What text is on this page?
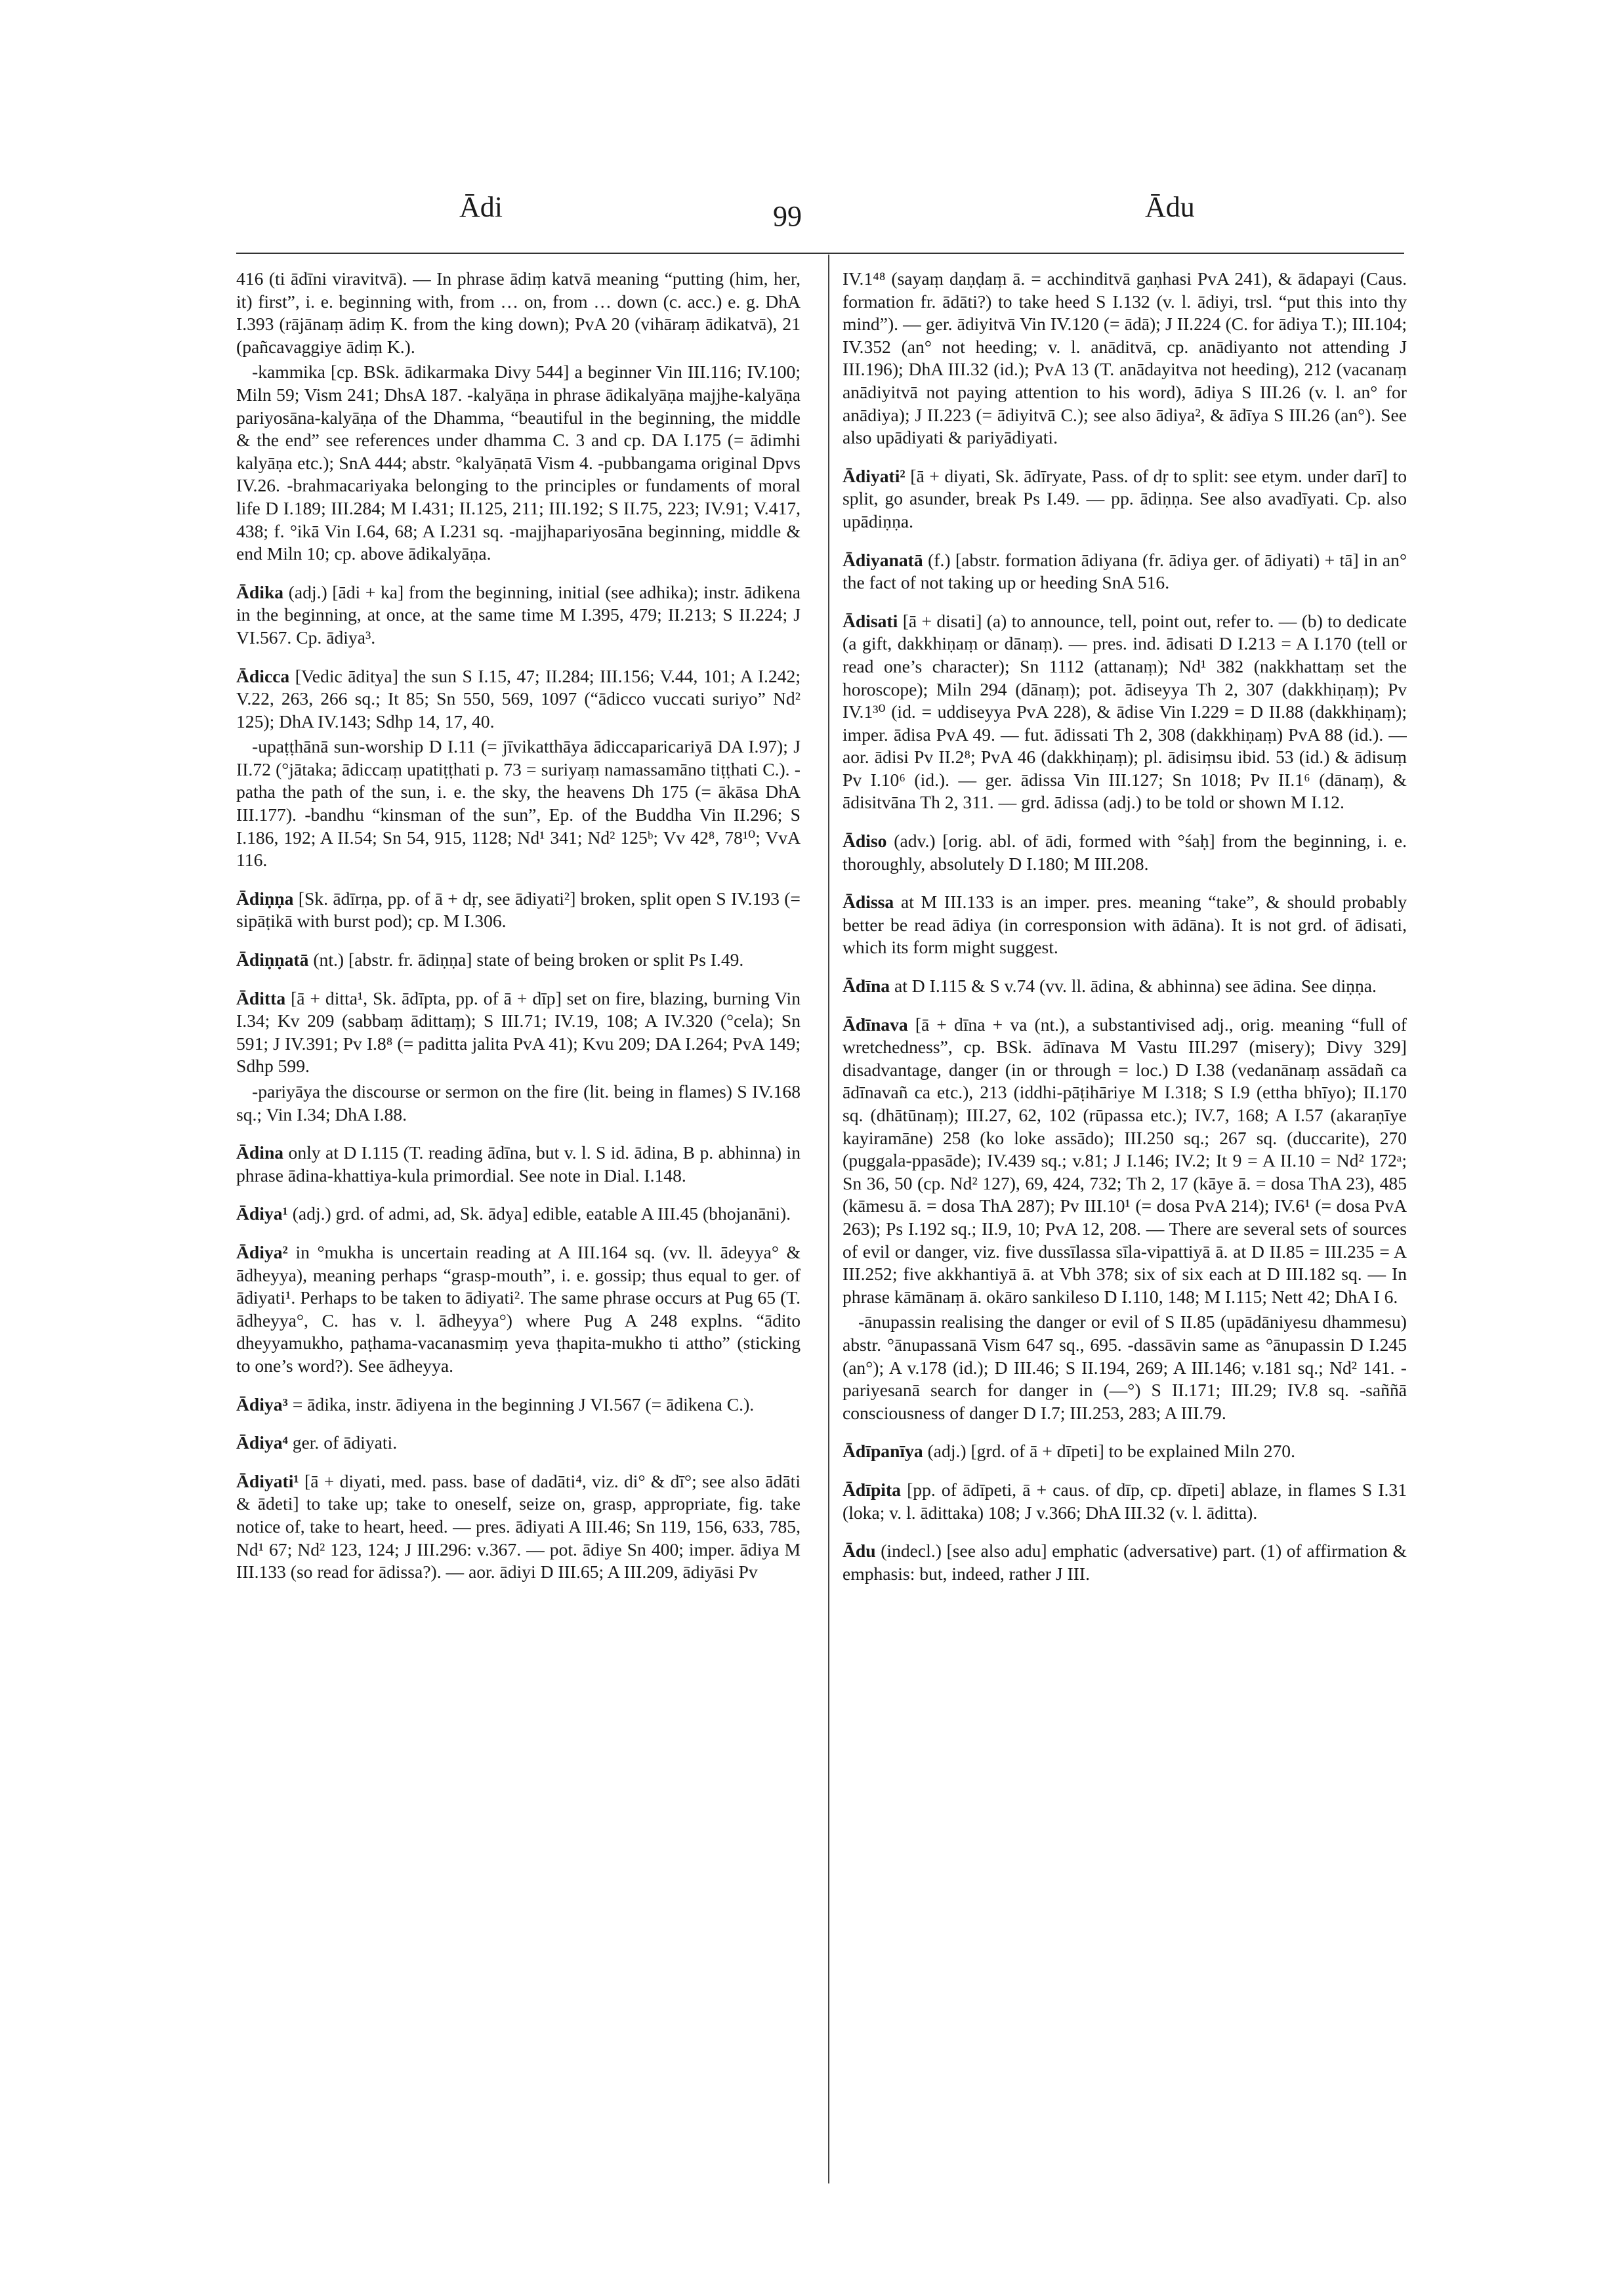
Ādi	99	Ādu

416 (ti ādīni viravitvā). — In phrase ādiṃ katvā meaning “putting (him, her, it) first”, i. e. beginning with, from … on, from … down (c. acc.) e. g. DhA I.393 (rājānaṃ ādiṃ K. from the king down); PvA 20 (vihāraṃ ādikatvā), 21 (pañcavaggiye ādiṃ K.).

-kammika [cp. BSk. ādikarmaka Divy 544] a beginner Vin III.116; IV.100; Miln 59; Vism 241; DhsA 187. -kalyāṇa in phrase ādikalyāṇa majjhe-kalyāṇa pariyosāna-kalyāṇa of the Dhamma, “beautiful in the beginning, the middle & the end” see references under dhamma C. 3 and cp. DA I.175 (= ādimhi kalyāṇa etc.); SnA 444; abstr. °kalyāṇatā Vism 4. -pubbangama original Dpvs IV.26. -brahmacariyaka belonging to the principles or fundaments of moral life D I.189; III.284; M I.431; II.125, 211; III.192; S II.75, 223; IV.91; V.417, 438; f. °ikā Vin I.64, 68; A I.231 sq. -majjhapariyosāna beginning, middle & end Miln 10; cp. above ādikalyāṇa.

Ādika (adj.) [ādi + ka] from the beginning, initial (see adhika); instr. ādikena in the beginning, at once, at the same time M I.395, 479; II.213; S II.224; J VI.567. Cp. ādiya³.

Ādicca [Vedic āditya] the sun S I.15, 47; II.284; III.156; V.44, 101; A I.242; V.22, 263, 266 sq.; It 85; Sn 550, 569, 1097 (“ādicco vuccati suriyo” Nd² 125); DhA IV.143; Sdhp 14, 17, 40.

-upaṭṭhānā sun-worship D I.11 (= jīvikatthāya ādiccaparicariyā DA I.97); J II.72 (°jātaka; ādiccaṃ upatiṭṭhati p. 73 = suriyaṃ namassamāno tiṭṭhati C.). -patha the path of the sun, i. e. the sky, the heavens Dh 175 (= ākāsa DhA III.177). -bandhu “kinsman of the sun”, Ep. of the Buddha Vin II.296; S I.186, 192; A II.54; Sn 54, 915, 1128; Nd¹ 341; Nd² 125ᵇ; Vv 42⁸, 78¹⁰; VvA 116.

Ādiṇṇa [Sk. ādīrṇa, pp. of ā + dṛ, see ādiyati²] broken, split open S IV.193 (= sipāṭikā with burst pod); cp. M I.306.

Ādiṇṇatā (nt.) [abstr. fr. ādiṇṇa] state of being broken or split Ps I.49.

Āditta [ā + ditta¹, Sk. ādīpta, pp. of ā + dīp] set on fire, blazing, burning Vin I.34; Kv 209 (sabbaṃ ādittaṃ); S III.71; IV.19, 108; A IV.320 (°cela); Sn 591; J IV.391; Pv I.8⁸ (= paditta jalita PvA 41); Kvu 209; DA I.264; PvA 149; Sdhp 599.

-pariyāya the discourse or sermon on the fire (lit. being in flames) S IV.168 sq.; Vin I.34; DhA I.88.

Ādina only at D I.115 (T. reading ādīna, but v. l. S id. ādina, B p. abhinna) in phrase ādina-khattiya-kula primordial. See note in Dial. I.148.

Ādiya¹ (adj.) grd. of admi, ad, Sk. ādya] edible, eatable A III.45 (bhojanāni).

Ādiya² in °mukha is uncertain reading at A III.164 sq. (vv. ll. ādeyya° & ādheyya), meaning perhaps “grasp-mouth”, i. e. gossip; thus equal to ger. of ādiyati¹. Perhaps to be taken to ādiyati². The same phrase occurs at Pug 65 (T. ādheyya°, C. has v. l. ādheyya°) where Pug A 248 explns. “ādito dheyyamukho, paṭhama-vacanasmiṃ yeva ṭhapita-mukho ti attho” (sticking to one’s word?). See ādheyya.

Ādiya³ = ādika, instr. ādiyena in the beginning J VI.567 (= ādikena C.).

Ādiya⁴ ger. of ādiyati.

Ādiyati¹ [ā + diyati, med. pass. base of dadāti⁴, viz. di° & dī°; see also ādāti & ādeti] to take up; take to oneself, seize on, grasp, appropriate, fig. take notice of, take to heart, heed. — pres. ādiyati A III.46; Sn 119, 156, 633, 785, Nd¹ 67; Nd² 123, 124; J III.296: v.367. — pot. ādiye Sn 400; imper. ādiya M III.133 (so read for ādissa?). — aor. ādiyi D III.65; A III.209, ādiyāsi Pv

IV.1⁴⁸ (sayaṃ daṇḍaṃ ā. = acchinditvā gaṇhasi PvA 241), & ādapayi (Caus. formation fr. ādāti?) to take heed S I.132 (v. l. ādiyi, trsl. “put this into thy mind”). — ger. ādiyitvā Vin IV.120 (= ādā); J II.224 (C. for ādiya T.); III.104; IV.352 (an° not heeding; v. l. anāditvā, cp. anādiyanto not attending J III.196); DhA III.32 (id.); PvA 13 (T. anādayitva not heeding), 212 (vacanaṃ anādiyitvā not paying attention to his word), ādiya S III.26 (v. l. an° for anādiya); J II.223 (= ādiyitvā C.); see also ādiya², & ādīya S III.26 (an°). See also upādiyati & pariyādiyati.

Ādiyati² [ā + diyati, Sk. ādīryate, Pass. of dṛ to split: see etym. under darī] to split, go asunder, break Ps I.49. — pp. ādiṇṇa. See also avadīyati. Cp. also upādiṇṇa.

Ādiyanatā (f.) [abstr. formation ādiyana (fr. ādiya ger. of ādiyati) + tā] in an° the fact of not taking up or heeding SnA 516.

Ādisati [ā + disati] (a) to announce, tell, point out, refer to. — (b) to dedicate (a gift, dakkhiṇaṃ or dānaṃ). — pres. ind. ādisati D I.213 = A I.170 (tell or read one’s character); Sn 1112 (attanaṃ); Nd¹ 382 (nakkhattaṃ set the horoscope); Miln 294 (dānaṃ); pot. ādiseyya Th 2, 307 (dakkhiṇaṃ); Pv IV.1³⁰ (id. = uddiseyya PvA 228), & ādise Vin I.229 = D II.88 (dakkhiṇaṃ); imper. ādisa PvA 49. — fut. ādissati Th 2, 308 (dakkhiṇaṃ) PvA 88 (id.). — aor. ādisi Pv II.2⁸; PvA 46 (dakkhiṇaṃ); pl. ādisiṃsu ibid. 53 (id.) & ādisuṃ Pv I.10⁶ (id.). — ger. ādissa Vin III.127; Sn 1018; Pv II.1⁶ (dānaṃ), & ādisitvāna Th 2, 311. — grd. ādissa (adj.) to be told or shown M I.12.

Ādiso (adv.) [orig. abl. of ādi, formed with °śaḥ] from the beginning, i. e. thoroughly, absolutely D I.180; M III.208.

Ādissa at M III.133 is an imper. pres. meaning “take”, & should probably better be read ādiya (in corresponsion with ādāna). It is not grd. of ādisati, which its form might suggest.

Ādīna at D I.115 & S v.74 (vv. ll. ādina, & abhinna) see ādina. See diṇṇa.

Ādīnava [ā + dīna + va (nt.), a substantivised adj., orig. meaning “full of wretchedness”, cp. BSk. ādīnava M Vastu III.297 (misery); Divy 329] disadvantage, danger (in or through = loc.) D I.38 (vedanānaṃ assādañ ca ādīnavañ ca etc.), 213 (iddhi-pāṭihāriye M I.318; S I.9 (ettha bhīyo); II.170 sq. (dhātūnaṃ); III.27, 62, 102 (rūpassa etc.); IV.7, 168; A I.57 (akaraṇīye kayiramāne) 258 (ko loke assādo); III.250 sq.; 267 sq. (duccarite), 270 (puggala-ppasāde); IV.439 sq.; v.81; J I.146; IV.2; It 9 = A II.10 = Nd² 172ᵃ; Sn 36, 50 (cp. Nd² 127), 69, 424, 732; Th 2, 17 (kāye ā. = dosa ThA 23), 485 (kāmesu ā. = dosa ThA 287); Pv III.10¹ (= dosa PvA 214); IV.6¹ (= dosa PvA 263); Ps I.192 sq.; II.9, 10; PvA 12, 208. — There are several sets of sources of evil or danger, viz. five dussīlassa sīla-vipattiyā ā. at D II.85 = III.235 = A III.252; five akkhantiyā ā. at Vbh 378; six of six each at D III.182 sq. — In phrase kāmānaṃ ā. okāro sankileso D I.110, 148; M I.115; Nett 42; DhA I 6.

-ānupassin realising the danger or evil of S II.85 (upādāniyesu dhammesu) abstr. °ānupassanā Vism 647 sq., 695. -dassāvin same as °ānupassin D I.245 (an°); A v.178 (id.); D III.46; S II.194, 269; A III.146; v.181 sq.; Nd² 141. -pariyesanā search for danger in (—°) S II.171; III.29; IV.8 sq. -saññā consciousness of danger D I.7; III.253, 283; A III.79.

Ādīpanīya (adj.) [grd. of ā + dīpeti] to be explained Miln 270.

Ādīpita [pp. of ādīpeti, ā + caus. of dīp, cp. dīpeti] ablaze, in flames S I.31 (loka; v. l. ādittaka) 108; J v.366; DhA III.32 (v. l. āditta).

Ādu (indecl.) [see also adu] emphatic (adversative) part. (1) of affirmation & emphasis: but, indeed, rather J III.
